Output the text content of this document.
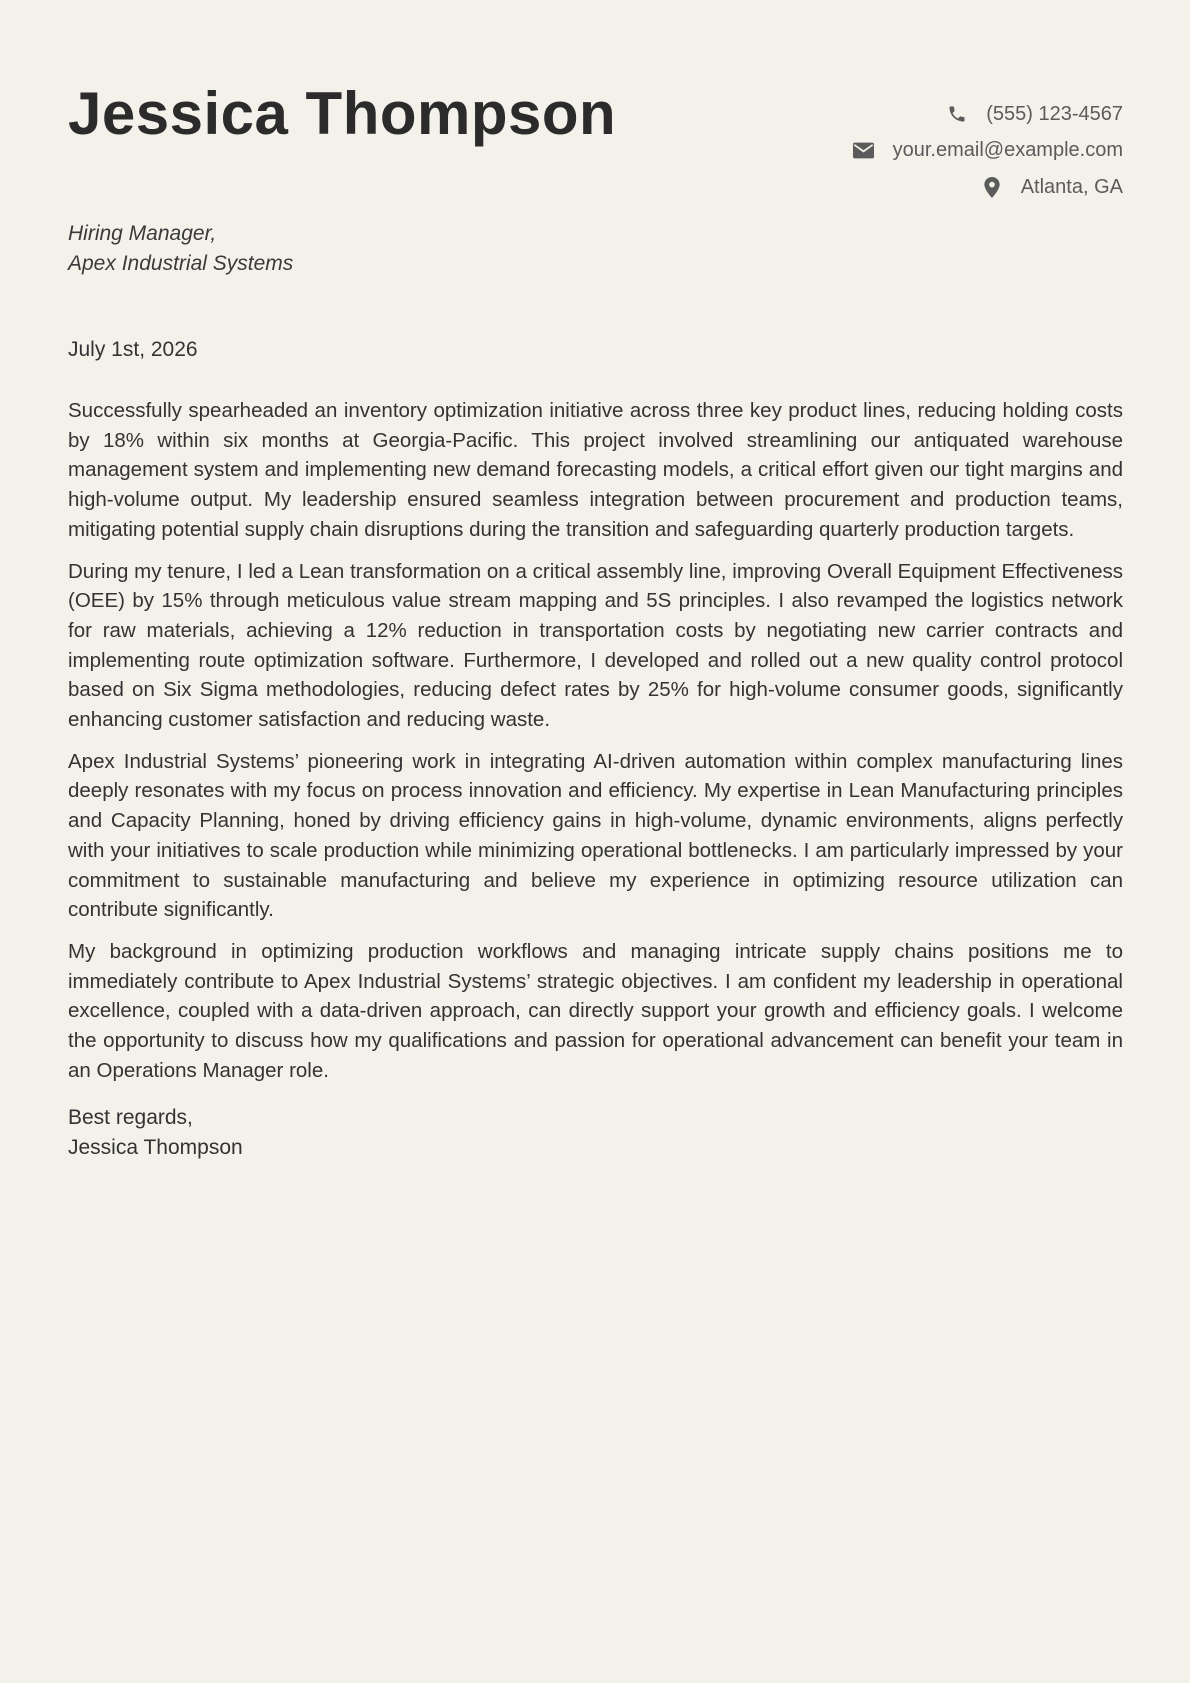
Jessica Thompson	(555) 123-4567
your.email@example.com
Atlanta, GA
Hiring Manager,
Apex Industrial Systems
July 1st, 2026

Successfully spearheaded an inventory optimization initiative across three key product lines, reducing holding costs by 18% within six months at Georgia-Pacific. This project involved streamlining our antiquated warehouse management system and implementing new demand forecasting models, a critical effort given our tight margins and high-volume output. My leadership ensured seamless integration between procurement and production teams, mitigating potential supply chain disruptions during the transition and safeguarding quarterly production targets.

During my tenure, I led a Lean transformation on a critical assembly line, improving Overall Equipment Effectiveness (OEE) by 15% through meticulous value stream mapping and 5S principles. I also revamped the logistics network for raw materials, achieving a 12% reduction in transportation costs by negotiating new carrier contracts and implementing route optimization software. Furthermore, I developed and rolled out a new quality control protocol based on Six Sigma methodologies, reducing defect rates by 25% for high-volume consumer goods, significantly enhancing customer satisfaction and reducing waste.

Apex Industrial Systems’ pioneering work in integrating AI-driven automation within complex manufacturing lines deeply resonates with my focus on process innovation and efficiency. My expertise in Lean Manufacturing principles and Capacity Planning, honed by driving efficiency gains in high-volume, dynamic environments, aligns perfectly with your initiatives to scale production while minimizing operational bottlenecks. I am particularly impressed by your commitment to sustainable manufacturing and believe my experience in optimizing resource utilization can contribute significantly.

My background in optimizing production workflows and managing intricate supply chains positions me to immediately contribute to Apex Industrial Systems’ strategic objectives. I am confident my leadership in operational excellence, coupled with a data-driven approach, can directly support your growth and efficiency goals. I welcome the opportunity to discuss how my qualifications and passion for operational advancement can benefit your team in an Operations Manager role.

Best regards,
Jessica Thompson
